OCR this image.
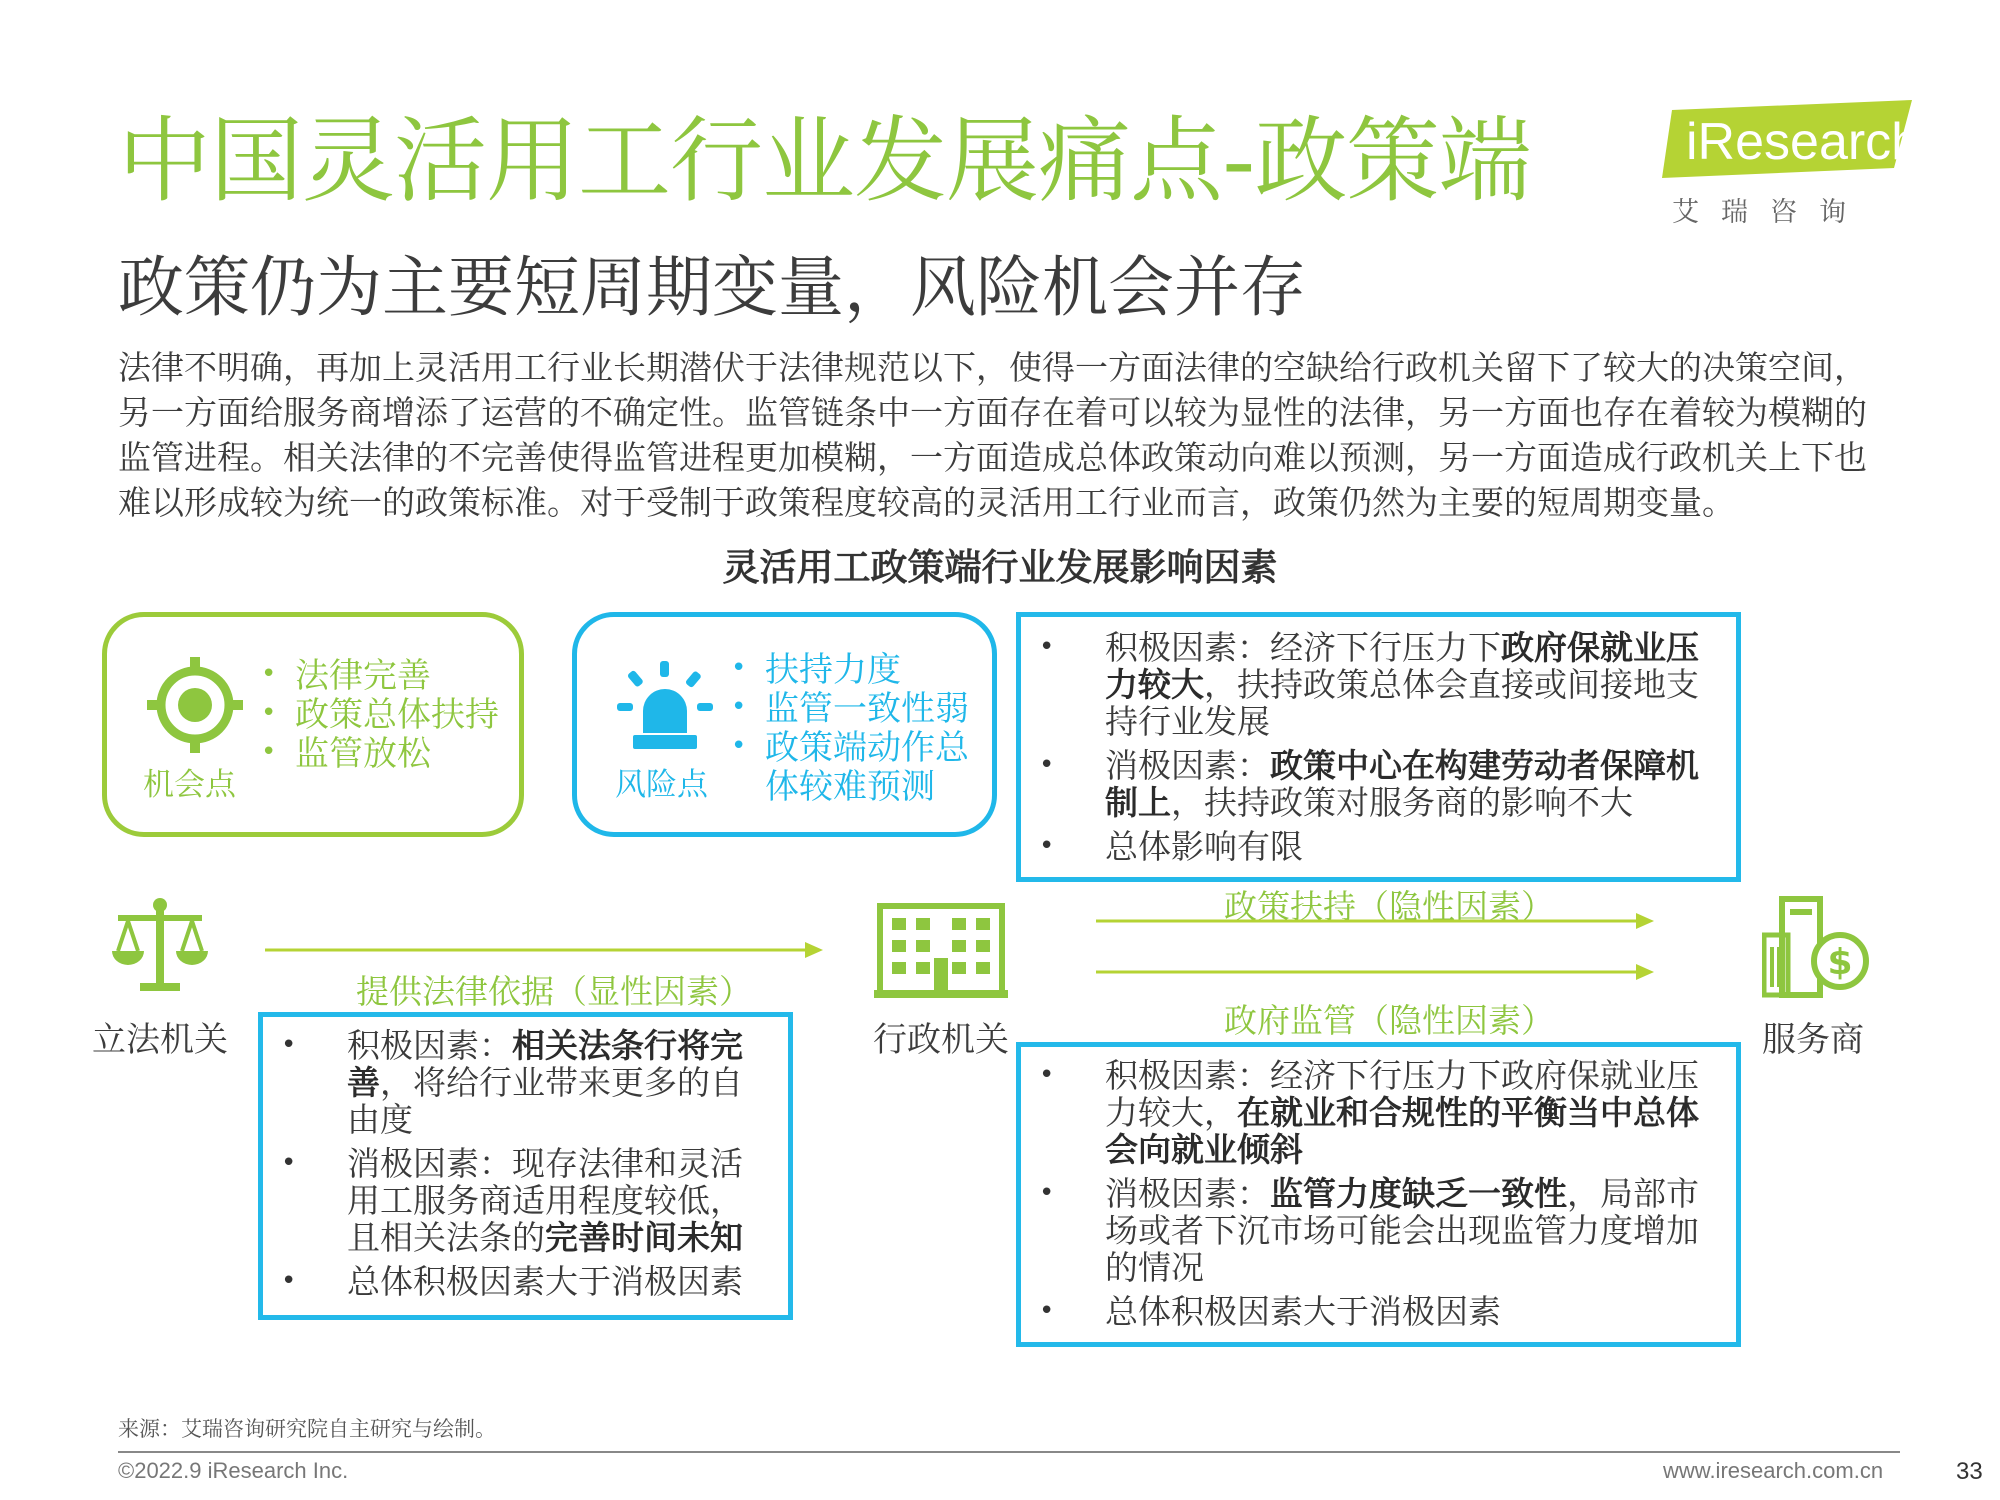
中国灵活用工行业发展痛点-政策端	iResearch
艾瑞咨询
政策仍为主要短周期变量，风险机会并存
法律不明确，再加上灵活用工行业长期潜伏于法律规范以下，使得一方面法律的空缺给行政机关留下了较大的决策空间，
另一方面给服务商增添了运营的不确定性。监管链条中一方面存在着可以较为显性的法律，另一方面也存在着较为模糊的
监管进程。相关法律的不完善使得监管进程更加模糊，一方面造成总体政策动向难以预测，另一方面造成行政机关上下也
难以形成较为统一的政策标准。对于受制于政策程度较高的灵活用工行业而言，政策仍然为主要的短周期变量。
灵活用工政策端行业发展影响因素
机会点
• 法律完善
• 政策总体扶持
• 监管放松
风险点
• 扶持力度
• 监管一致性弱
• 政策端动作总体较难预测
• 积极因素：经济下行压力下政府保就业压力较大，扶持政策总体会直接或间接地支持行业发展
• 消极因素：政策中心在构建劳动者保障机制上，扶持政策对服务商的影响不大
• 总体影响有限
立法机关
提供法律依据（显性因素）
• 积极因素：相关法条行将完善，将给行业带来更多的自由度
• 消极因素：现存法律和灵活用工服务商适用程度较低，且相关法条的完善时间未知
• 总体积极因素大于消极因素
行政机关
政策扶持（隐性因素）
政府监管（隐性因素）
• 积极因素：经济下行压力下政府保就业压力较大，在就业和合规性的平衡当中总体会向就业倾斜
• 消极因素：监管力度缺乏一致性，局部市场或者下沉市场可能会出现监管力度增加的情况
• 总体积极因素大于消极因素
$
服务商
来源：艾瑞咨询研究院自主研究与绘制。
©2022.9 iResearch Inc.	www.iresearch.com.cn	33
